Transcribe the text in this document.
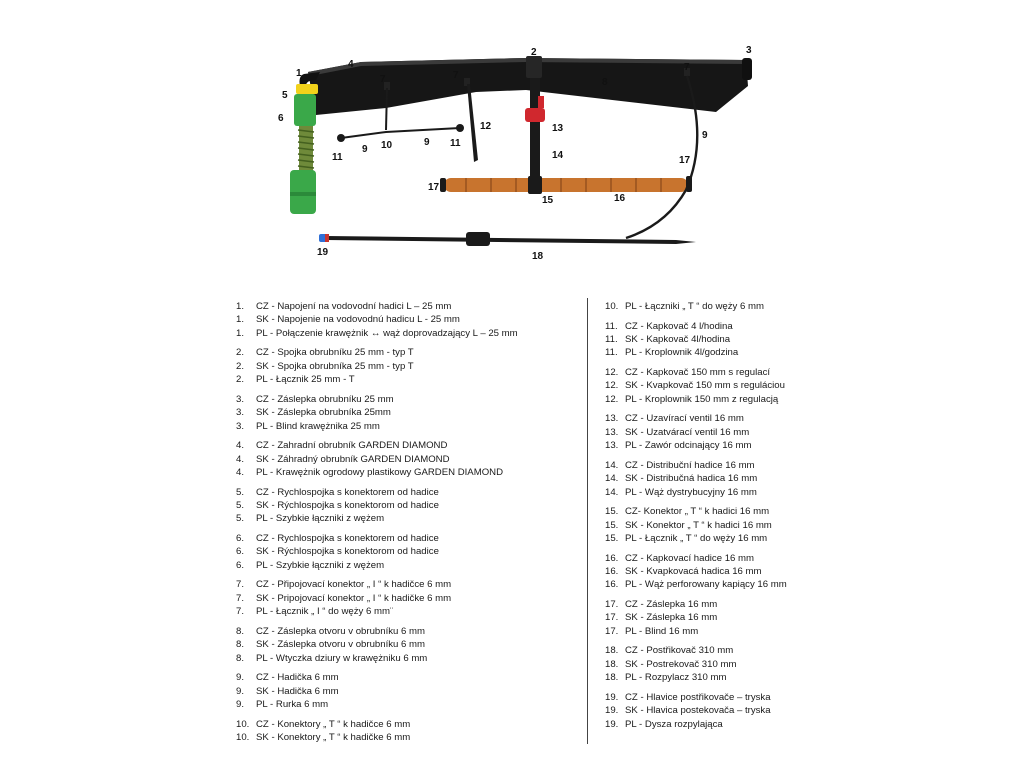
1
2	3
4
5
6
7	7
7
8
9
9
9
10
11
11
12	13
14
15	16
17
17
18
19
1. CZ - Napojení na vodovodní hadici L – 25 mm
1. SK - Napojenie na vodovodnú hadicu L - 25 mm
1. PL - Połączenie krawężnik ↔ wąż doprovadzający L – 25 mm
2. CZ - Spojka obrubníku 25 mm - typ T
2. SK - Spojka obrubníka 25 mm - typ T
2. PL - Łącznik 25 mm - T
3. CZ - Záslepka obrubníku 25 mm
3. SK - Záslepka obrubníka 25mm
3. PL - Blind krawężnika 25 mm
4. CZ - Zahradní obrubník GARDEN DIAMOND
4. SK - Záhradný obrubník GARDEN DIAMOND
4. PL - Krawężnik ogrodowy plastikowy GARDEN DIAMOND
5. CZ - Rychlospojka s konektorem od hadice
5. SK - Rýchlospojka s konektorom od hadice
5. PL - Szybkie łączniki z wężem
6. CZ - Rychlospojka s konektorem od hadice
6. SK - Rýchlospojka s konektorom od hadice
6. PL - Szybkie łączniki z wężem
7. CZ - Připojovací konektor „ I “ k hadičce 6 mm
7. SK - Pripojovací konektor „ I “ k hadičke 6 mm
7. PL - Łącznik „ I “ do węży 6 mm¨
8. CZ - Záslepka otvoru v obrubníku 6 mm
8. SK - Záslepka otvoru v obrubníku 6 mm
8. PL - Wtyczka dziury w krawężniku 6 mm
9. CZ - Hadička 6 mm
9. SK - Hadička 6 mm
9. PL - Rurka 6 mm
10. CZ - Konektory „ T “ k hadičce 6 mm
10. SK - Konektory „ T “ k hadičke 6 mm
10. PL - Łączniki „ T “ do węży 6 mm
11. CZ - Kapkovač 4 l/hodina
11. SK - Kapkovač 4l/hodina
11. PL - Kroplownik 4l/godzina
12. CZ - Kapkovač 150 mm s regulací
12. SK - Kvapkovač 150 mm s reguláciou
12. PL - Kroplownik 150 mm z regulacją
13. CZ - Uzavírací ventil 16 mm
13. SK - Uzatvárací ventil 16 mm
13. PL - Zawór odcinający 16 mm
14. CZ - Distribuční hadice 16 mm
14. SK - Distribučná hadica 16 mm
14. PL - Wąż dystrybucyjny 16 mm
15. CZ- Konektor „ T “ k hadici 16 mm
15. SK - Konektor „ T “ k hadici 16 mm
15. PL - Łącznik „ T “ do węży 16 mm
16. CZ - Kapkovací hadice 16 mm
16. SK - Kvapkovacá hadica 16 mm
16. PL - Wąż perforowany kapiący 16 mm
17. CZ - Záslepka 16 mm
17. SK - Záslepka 16 mm
17. PL - Blind 16 mm
18. CZ - Postřikovač 310 mm
18. SK - Postrekovač 310 mm
18. PL - Rozpylacz 310 mm
19. CZ - Hlavice postřikovače – tryska
19. SK - Hlavica postekovača – tryska
19. PL - Dysza rozpylająca
